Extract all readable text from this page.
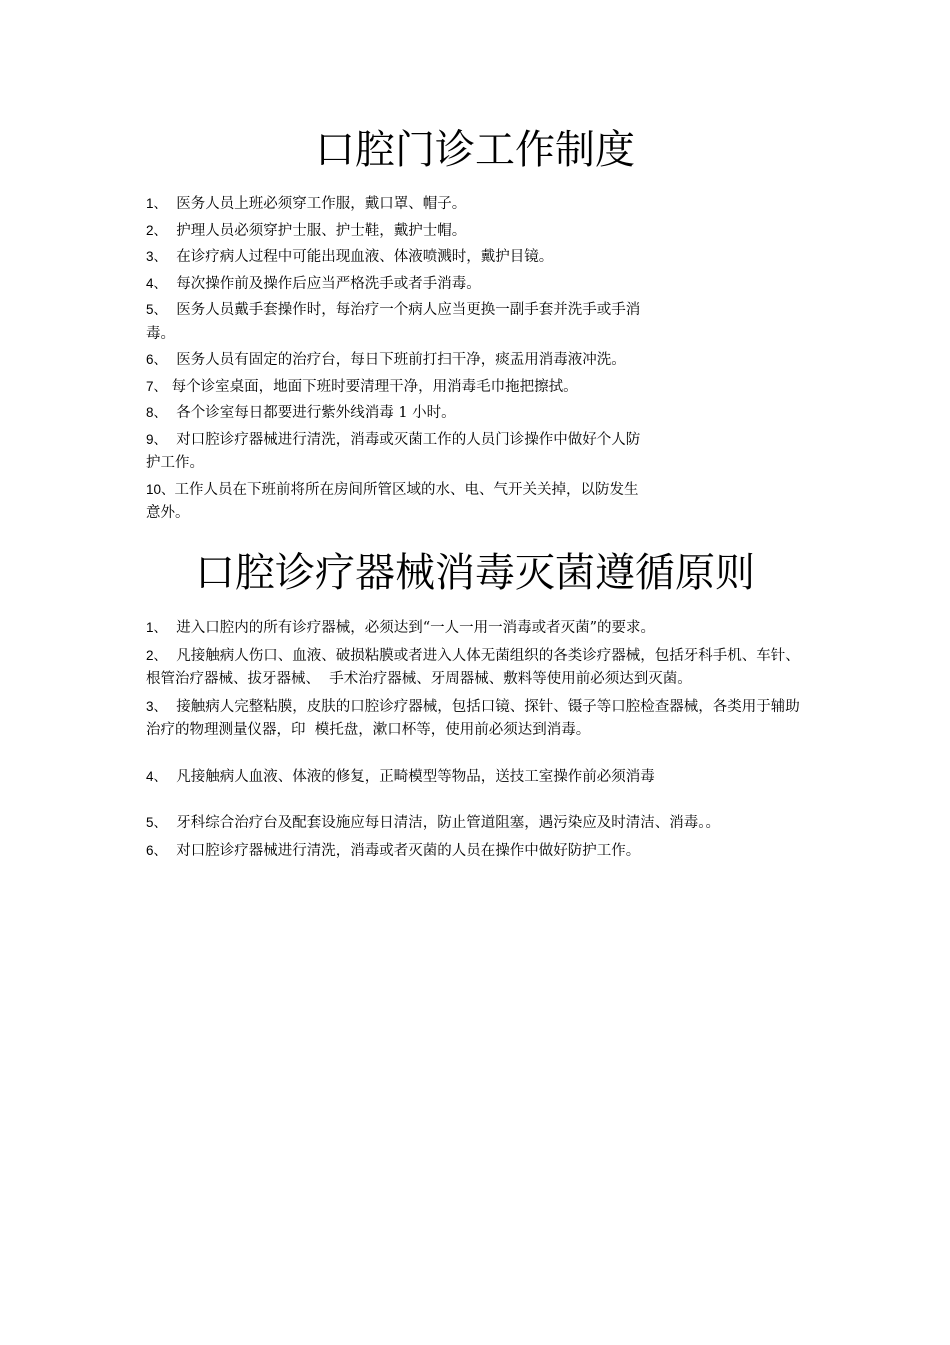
口腔门诊工作制度
1、  医务人员上班必须穿工作服，戴口罩、帽子。
2、  护理人员必须穿护士服、护士鞋，戴护士帽。
3、  在诊疗病人过程中可能出现血液、体液喷溅时，戴护目镜。
4、  每次操作前及操作后应当严格洗手或者手消毒。
5、  医务人员戴手套操作时，每治疗一个病人应当更换一副手套并洗手或手消毒。
6、  医务人员有固定的治疗台，每日下班前打扫干净，痰盂用消毒液冲洗。
7、 每个诊室桌面，地面下班时要清理干净，用消毒毛巾拖把擦拭。
8、  各个诊室每日都要进行紫外线消毒 1 小时。
9、  对口腔诊疗器械进行清洗，消毒或灭菌工作的人员门诊操作中做好个人防护工作。
10、工作人员在下班前将所在房间所管区域的水、电、气开关关掉，以防发生意外。
口腔诊疗器械消毒灭菌遵循原则
1、  进入口腔内的所有诊疗器械，必须达到“一人一用一消毒或者灭菌”的要求。
2、  凡接触病人伤口、血液、破损粘膜或者进入人体无菌组织的各类诊疗器械，包括牙科手机、车针、根管治疗器械、拔牙器械、  手术治疗器械、牙周器械、敷料等使用前必须达到灭菌。
3、  接触病人完整粘膜，皮肤的口腔诊疗器械，包括口镜、探针、镊子等口腔检查器械，各类用于辅助治疗的物理测量仪器，印  模托盘，漱口杯等，使用前必须达到消毒。
4、  凡接触病人血液、体液的修复，正畸模型等物品，送技工室操作前必须消毒
5、  牙科综合治疗台及配套设施应每日清洁，防止管道阻塞，遇污染应及时清洁、消毒。。
6、  对口腔诊疗器械进行清洗，消毒或者灭菌的人员在操作中做好防护工作。
